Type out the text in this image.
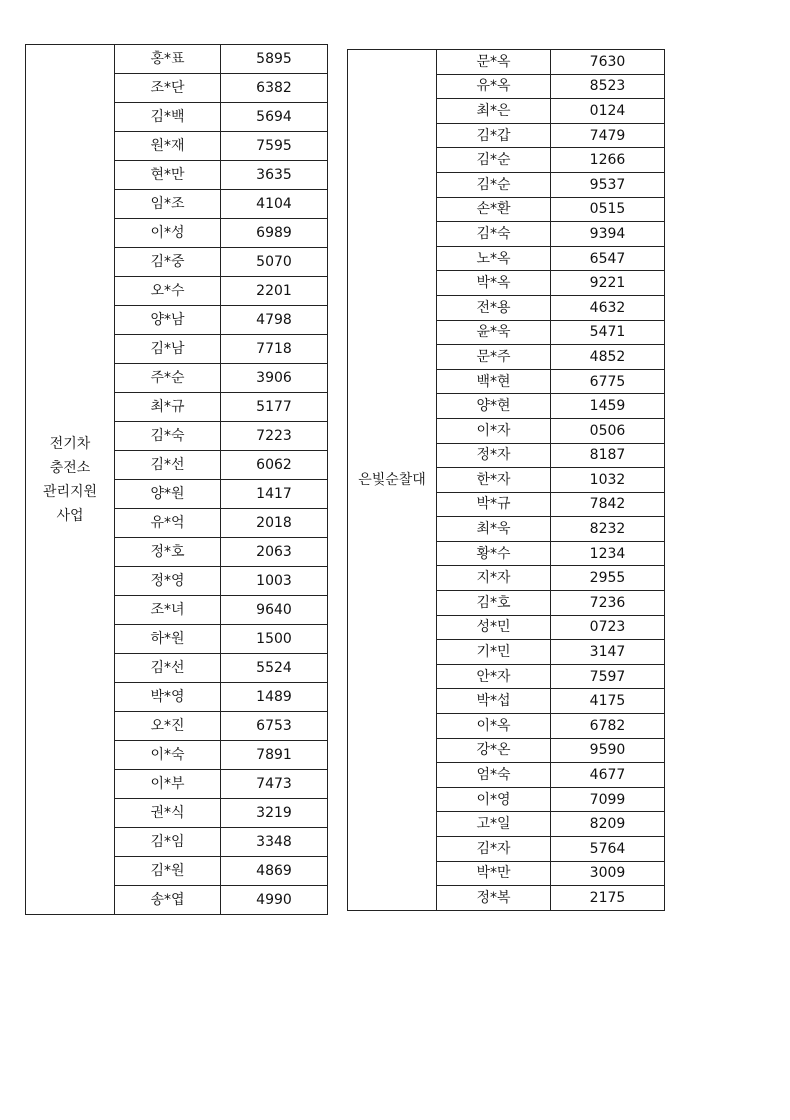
전기차
충전소
관리지원
사업	홍*표	5895
	조*단	6382
	김*백	5694
	원*재	7595
	현*만	3635
	임*조	4104
	이*성	6989
	김*중	5070
	오*수	2201
	양*남	4798
	김*남	7718
	주*순	3906
	최*규	5177
	김*숙	7223
	김*선	6062
	양*원	1417
	유*억	2018
	정*호	2063
	정*영	1003
	조*녀	9640
	하*원	1500
	김*선	5524
	박*영	1489
	오*진	6753
	이*숙	7891
	이*부	7473
	권*식	3219
	김*임	3348
	김*원	4869
	송*엽	4990
은빛순찰대	문*옥	7630
	유*옥	8523
	최*은	0124
	김*갑	7479
	김*순	1266
	김*순	9537
	손*환	0515
	김*숙	9394
	노*옥	6547
	박*옥	9221
	전*용	4632
	윤*욱	5471
	문*주	4852
	백*현	6775
	양*현	1459
	이*자	0506
	정*자	8187
	한*자	1032
	박*규	7842
	최*욱	8232
	황*수	1234
	지*자	2955
	김*호	7236
	성*민	0723
	기*민	3147
	안*자	7597
	박*섭	4175
	이*옥	6782
	강*온	9590
	엄*숙	4677
	이*영	7099
	고*일	8209
	김*자	5764
	박*만	3009
	정*복	2175
